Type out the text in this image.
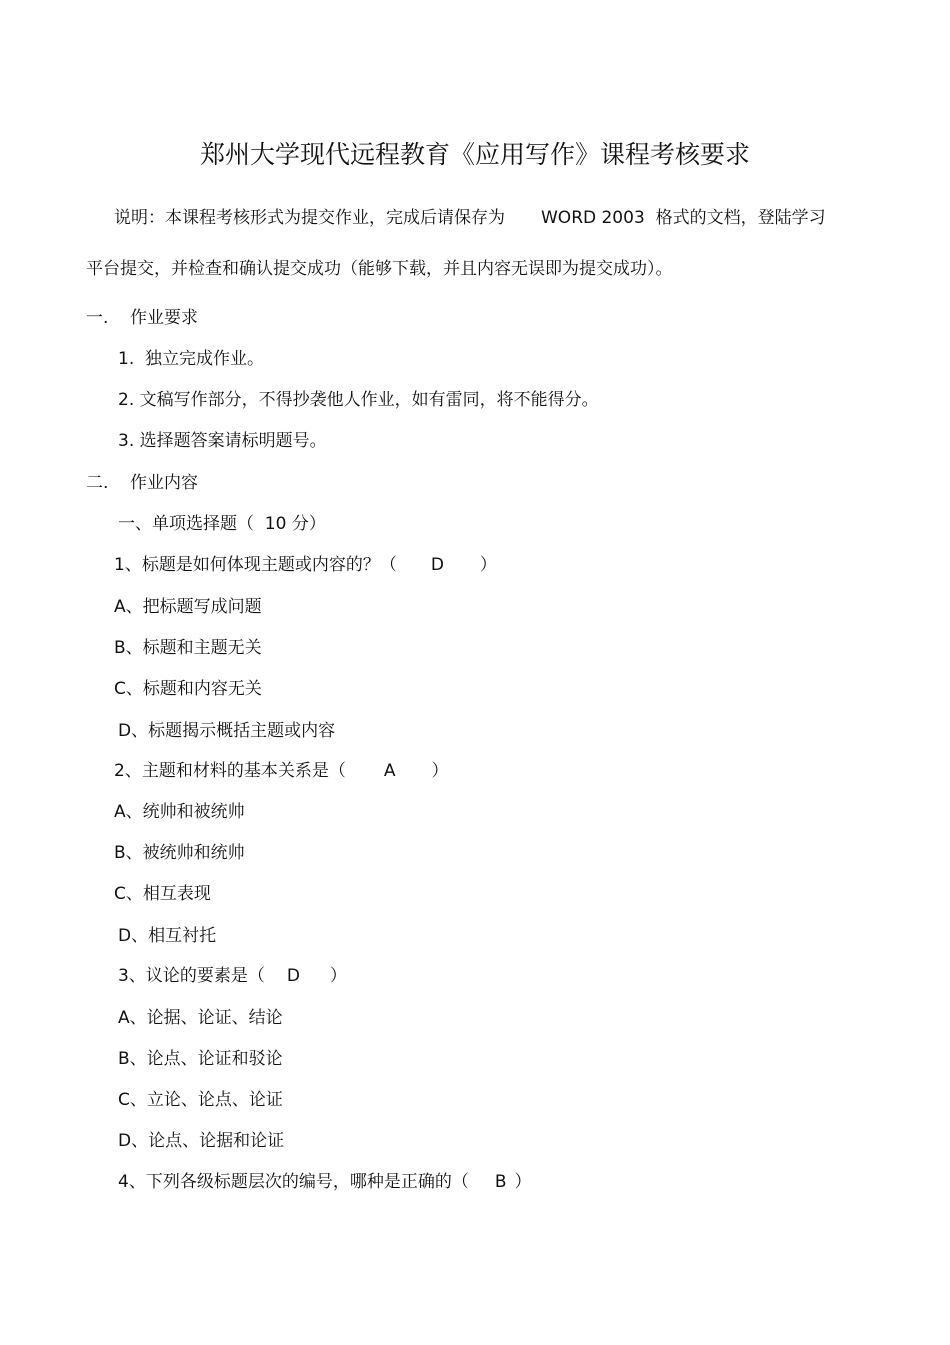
郑州大学现代远程教育《应用写作》课程考核要求
说明：本课程考核形式为提交作业，完成后请保存为 WORD 2003  格式的文档，登陆学习
平台提交，并检查和确认提交成功（能够下载，并且内容无误即为提交成功）。
一. 作业要求
1.  独立完成作业。
2. 文稿写作部分，不得抄袭他人作业，如有雷同，将不能得分。
3. 选择题答案请标明题号。
二. 作业内容
一、单项选择题（  10 分）
1、标题是如何体现主题或内容的？（ D ）
A、把标题写成问题
B、标题和主题无关
C、标题和内容无关
D、标题揭示概括主题或内容
2、主题和材料的基本关系是（ A ）
A、统帅和被统帅
B、被统帅和统帅
C、相互表现
D、相互衬托
3、议论的要素是（ D ）
A、论据、论证、结论
B、论点、论证和驳论
C、立论、论点、论证
D、论点、论据和论证
4、下列各级标题层次的编号，哪种是正确的（ B ）
